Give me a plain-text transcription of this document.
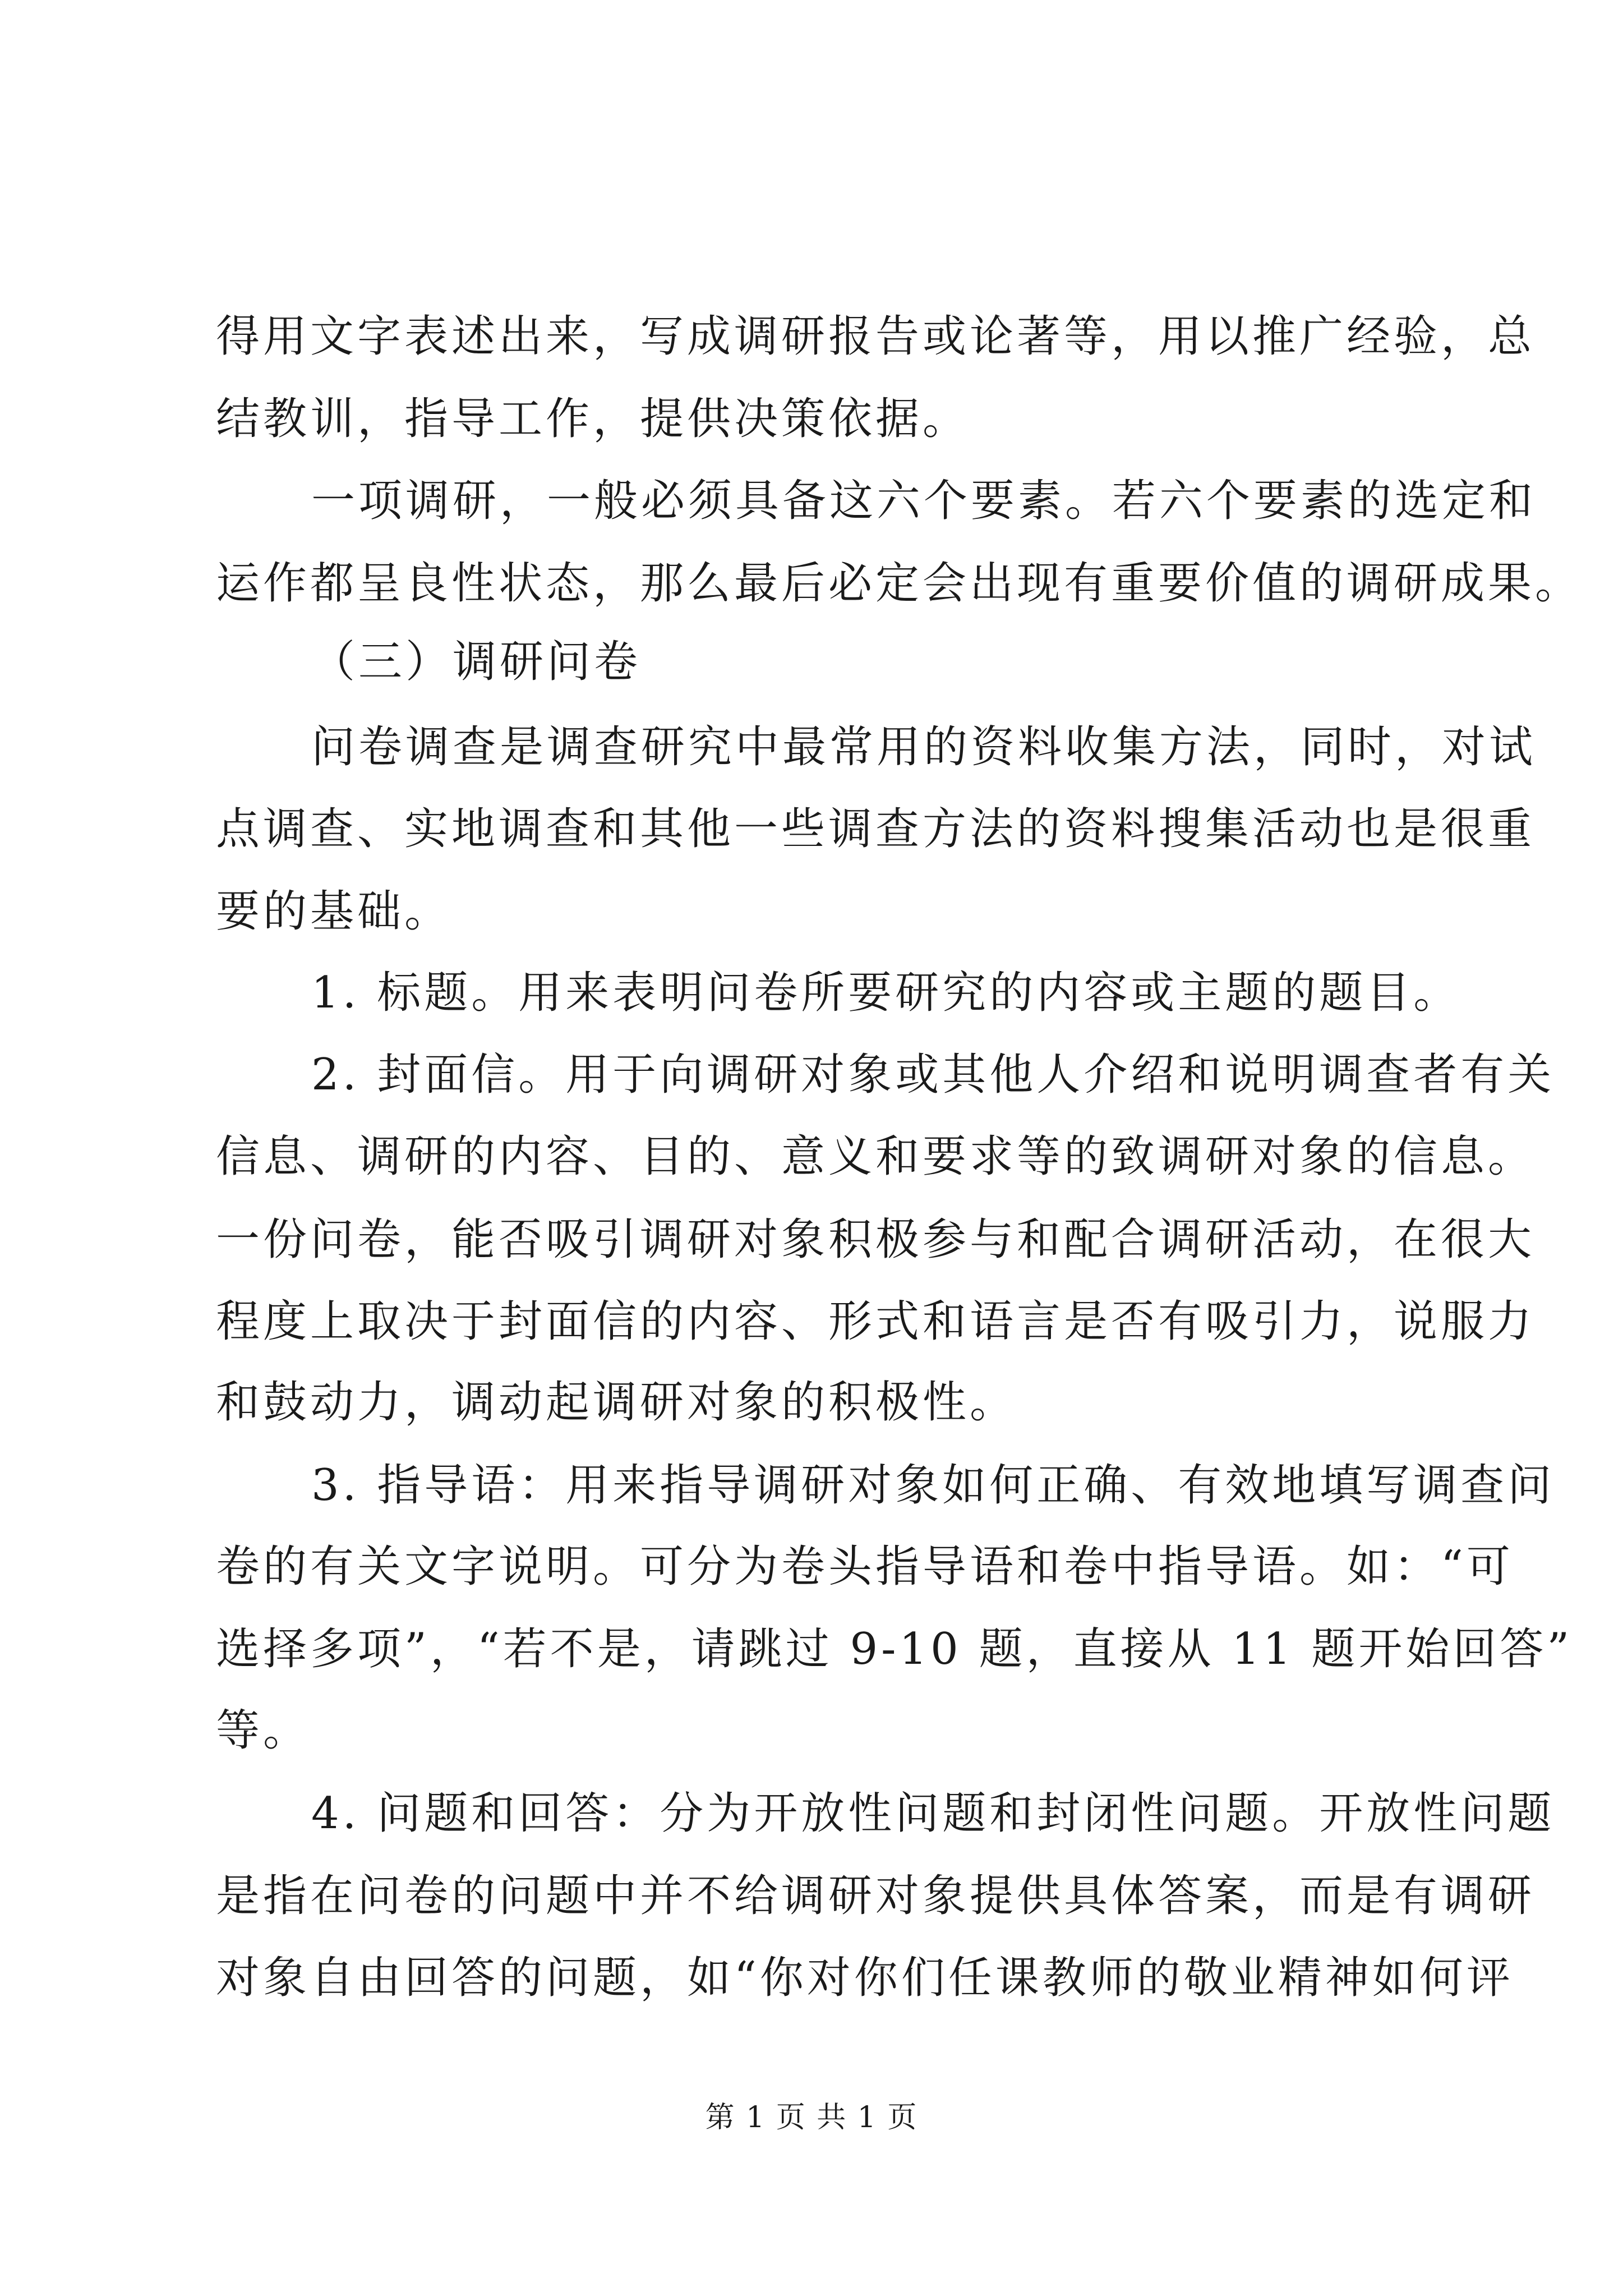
得用文字表述出来，写成调研报告或论著等，用以推广经验，总
结教训，指导工作，提供决策依据。
一项调研，一般必须具备这六个要素。若六个要素的选定和
运作都呈良性状态，那么最后必定会出现有重要价值的调研成果。
（三）调研问卷
问卷调查是调查研究中最常用的资料收集方法，同时，对试
点调查、实地调查和其他一些调查方法的资料搜集活动也是很重
要的基础。
1. 标题。用来表明问卷所要研究的内容或主题的题目。
2. 封面信。用于向调研对象或其他人介绍和说明调查者有关
信息、调研的内容、目的、意义和要求等的致调研对象的信息。
一份问卷，能否吸引调研对象积极参与和配合调研活动，在很大
程度上取决于封面信的内容、形式和语言是否有吸引力，说服力
和鼓动力，调动起调研对象的积极性。
3. 指导语：用来指导调研对象如何正确、有效地填写调查问
卷的有关文字说明。可分为卷头指导语和卷中指导语。如：“可
选择多项”，“若不是，请跳过 9-10 题，直接从 11 题开始回答”
等。
4. 问题和回答：分为开放性问题和封闭性问题。开放性问题
是指在问卷的问题中并不给调研对象提供具体答案，而是有调研
对象自由回答的问题，如“你对你们任课教师的敬业精神如何评
第 1 页 共 1 页
